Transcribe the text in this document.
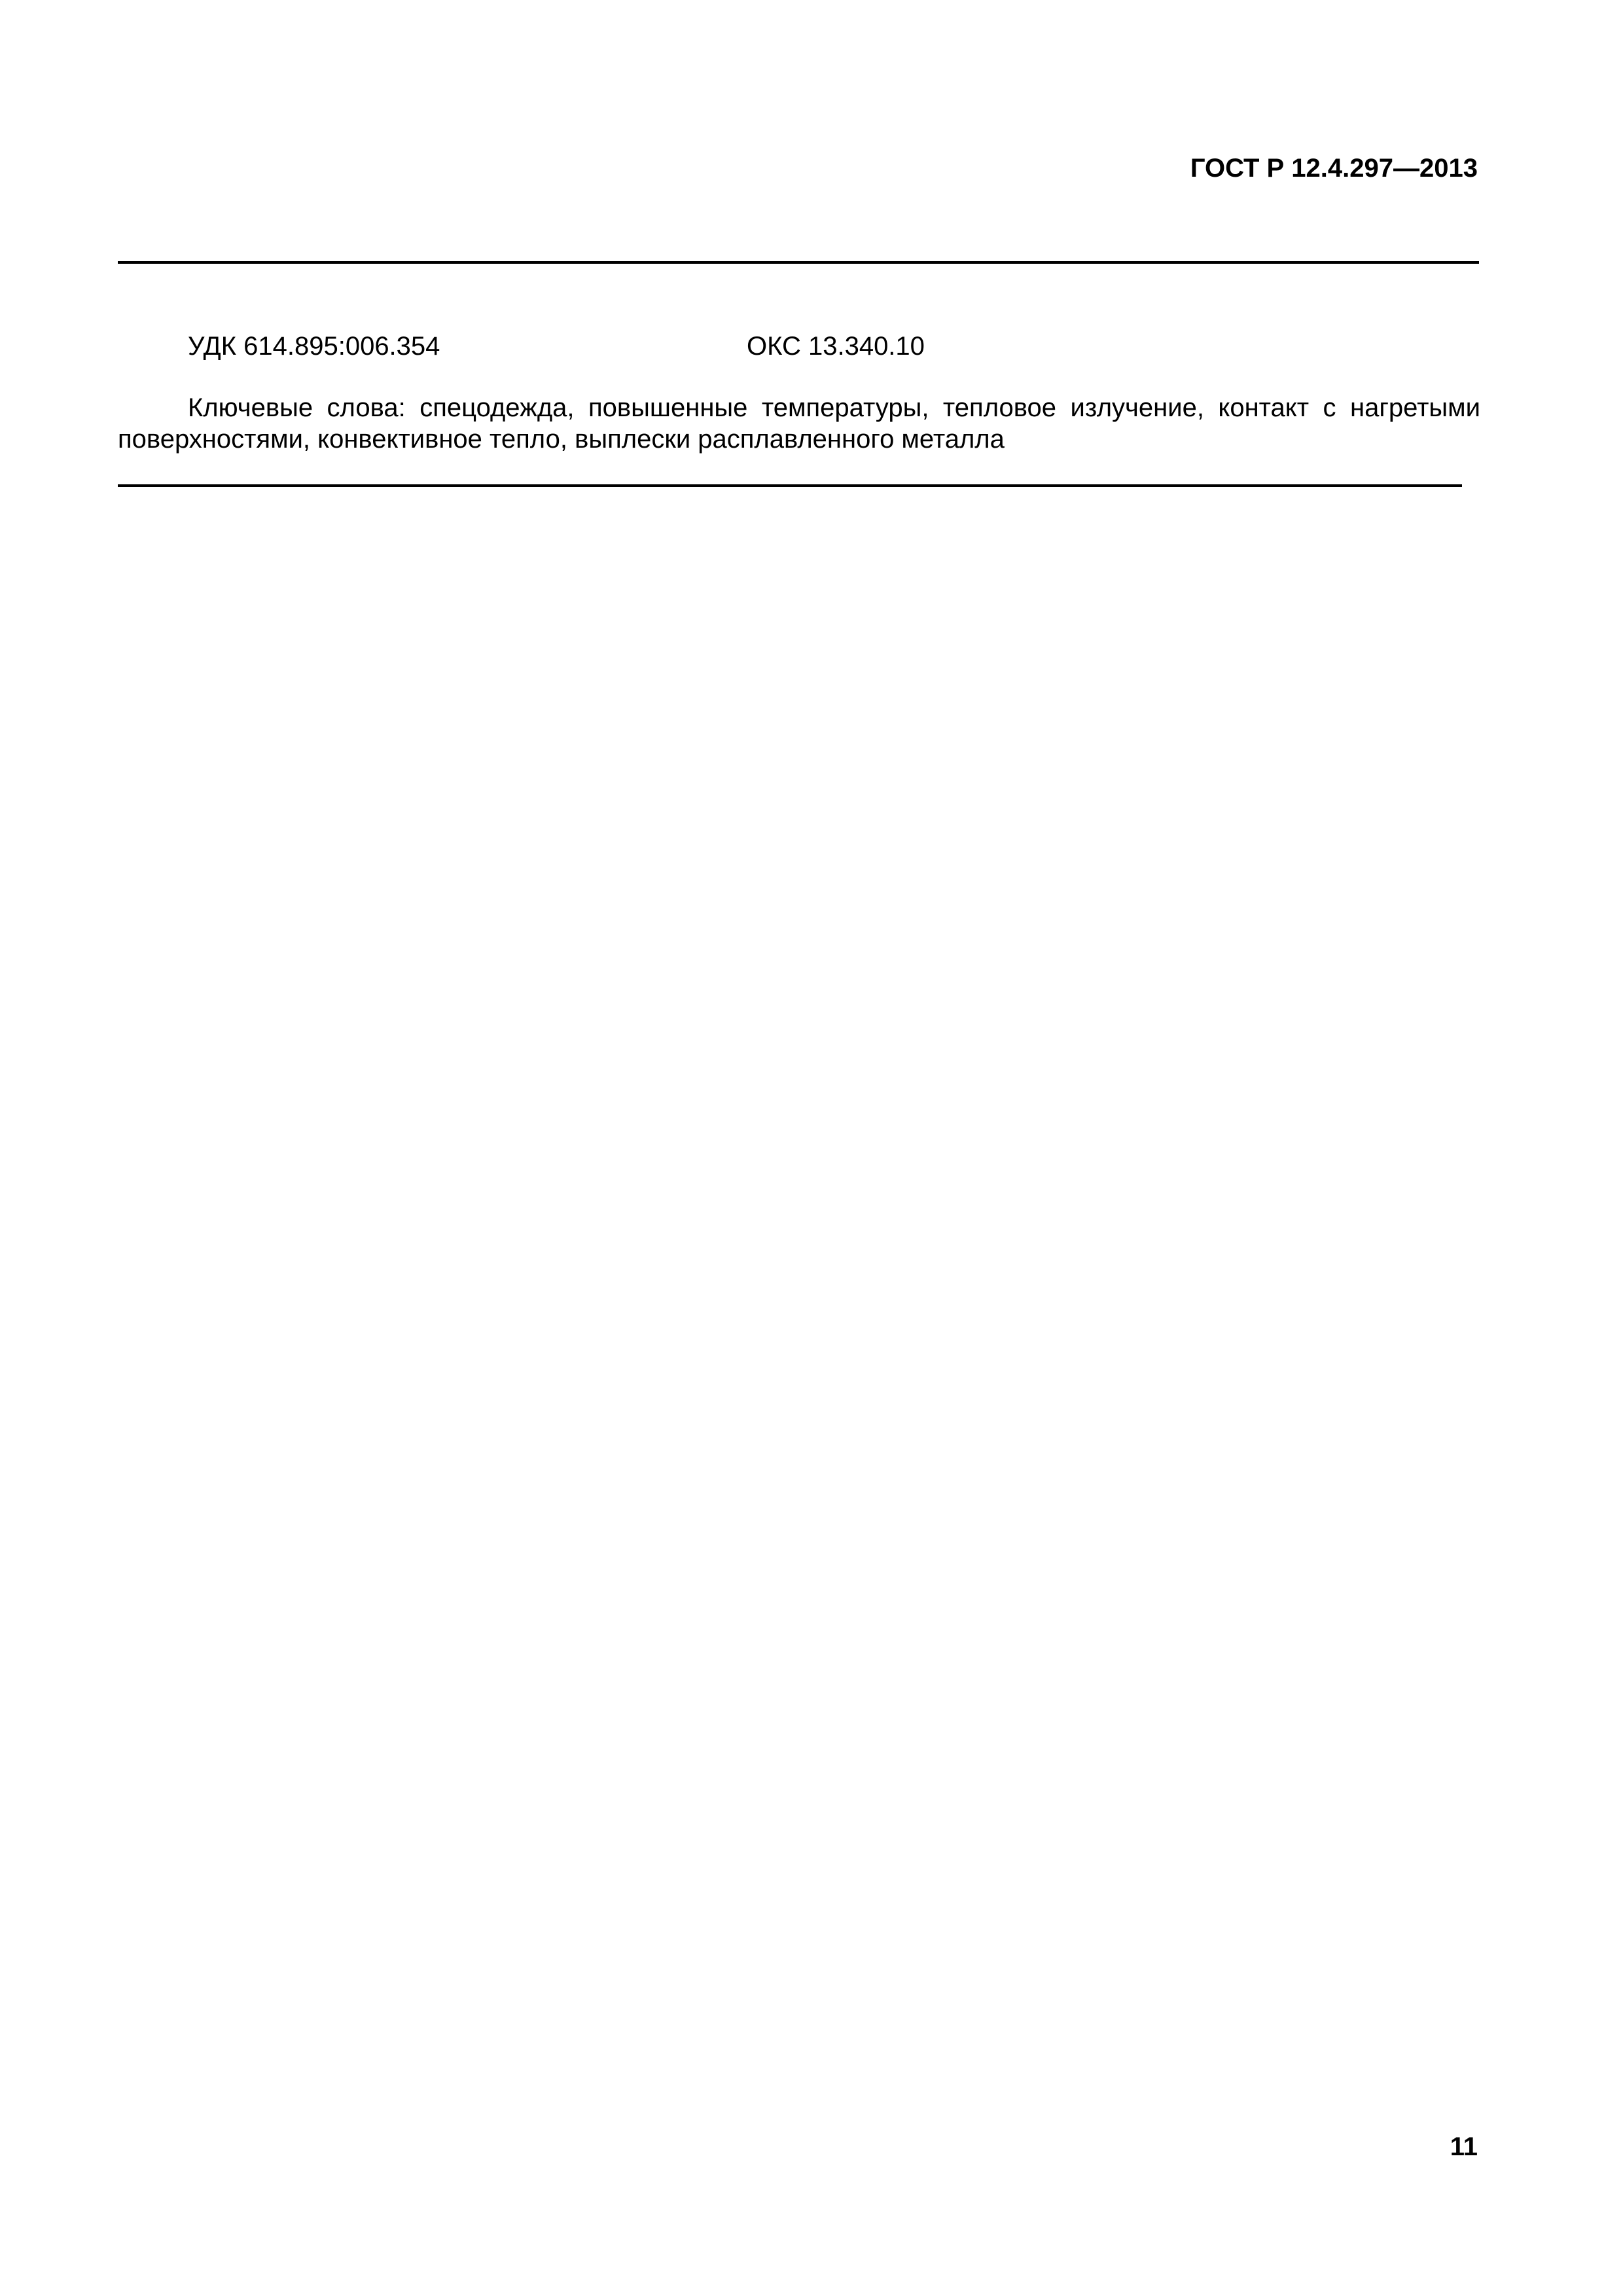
ГОСТ Р 12.4.297—2013
УДК 614.895:006.354	ОКС 13.340.10

Ключевые слова: спецодежда, повышенные температуры, тепловое излучение, контакт с нагретыми поверхностями, конвективное тепло, выплески расплавленного металла

11
